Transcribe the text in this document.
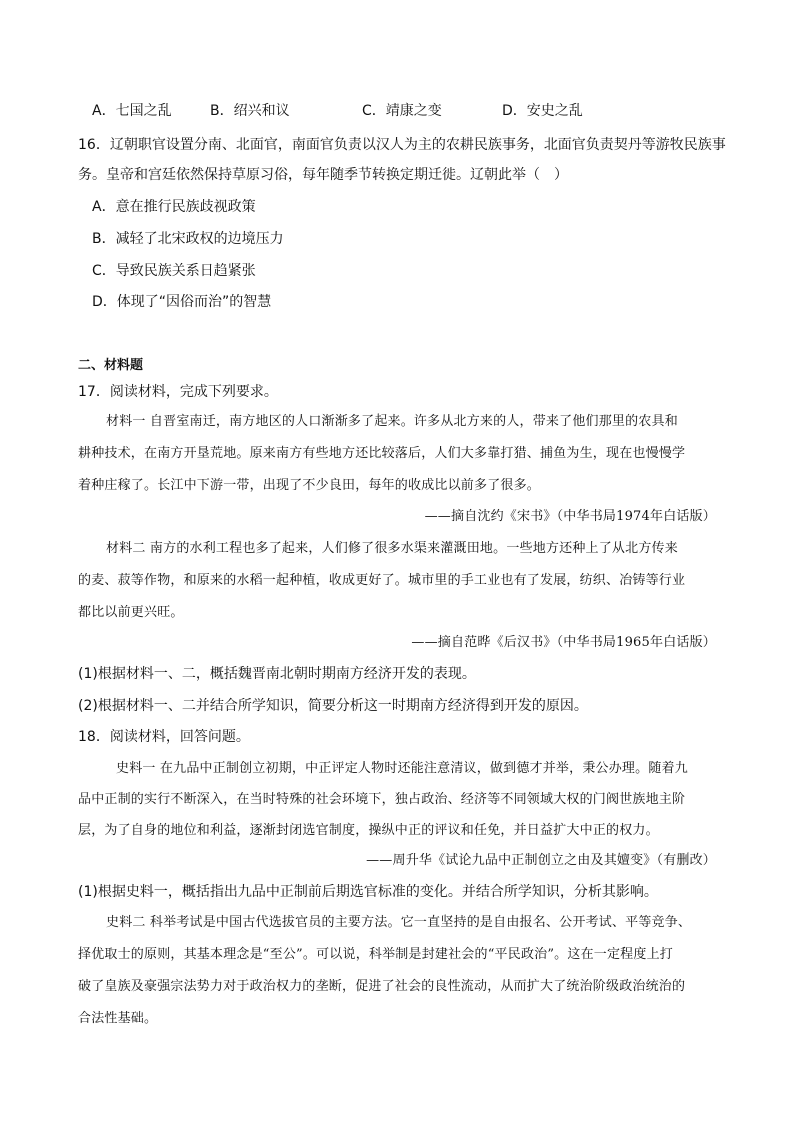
A．七国之乱	B．绍兴和议	C．靖康之变	D．安史之乱
16．辽朝职官设置分南、北面官，南面官负责以汉人为主的农耕民族事务，北面官负责契丹等游牧民族事
务。皇帝和宫廷依然保持草原习俗，每年随季节转换定期迁徙。辽朝此举（　）
A．意在推行民族歧视政策
B．减轻了北宋政权的边境压力
C．导致民族关系日趋紧张
D．体现了“因俗而治”的智慧
二、材料题
17．阅读材料，完成下列要求。
材料一 自晋室南迁，南方地区的人口渐渐多了起来。许多从北方来的人，带来了他们那里的农具和
耕种技术，在南方开垦荒地。原来南方有些地方还比较落后，人们大多靠打猎、捕鱼为生，现在也慢慢学
着种庄稼了。长江中下游一带，出现了不少良田，每年的收成比以前多了很多。
——摘自沈约《宋书》（中华书局1974年白话版）
材料二 南方的水利工程也多了起来，人们修了很多水渠来灌溉田地。一些地方还种上了从北方传来
的麦、菽等作物，和原来的水稻一起种植，收成更好了。城市里的手工业也有了发展，纺织、冶铸等行业
都比以前更兴旺。
——摘自范晔《后汉书》（中华书局1965年白话版）
(1)根据材料一、二，概括魏晋南北朝时期南方经济开发的表现。
(2)根据材料一、二并结合所学知识，简要分析这一时期南方经济得到开发的原因。
18．阅读材料，回答问题。
史料一 在九品中正制创立初期，中正评定人物时还能注意清议，做到德才并举，秉公办理。随着九
品中正制的实行不断深入，在当时特殊的社会环境下，独占政治、经济等不同领域大权的门阀世族地主阶
层，为了自身的地位和利益，逐渐封闭选官制度，操纵中正的评议和任免，并日益扩大中正的权力。
——周升华《试论九品中正制创立之由及其嬗变》（有删改）
(1)根据史料一，概括指出九品中正制前后期选官标准的变化。并结合所学知识，分析其影响。
史料二 科举考试是中国古代选拔官员的主要方法。它一直坚持的是自由报名、公开考试、平等竞争、
择优取士的原则，其基本理念是“至公”。可以说，科举制是封建社会的“平民政治”。这在一定程度上打
破了皇族及豪强宗法势力对于政治权力的垄断，促进了社会的良性流动，从而扩大了统治阶级政治统治的
合法性基础。
